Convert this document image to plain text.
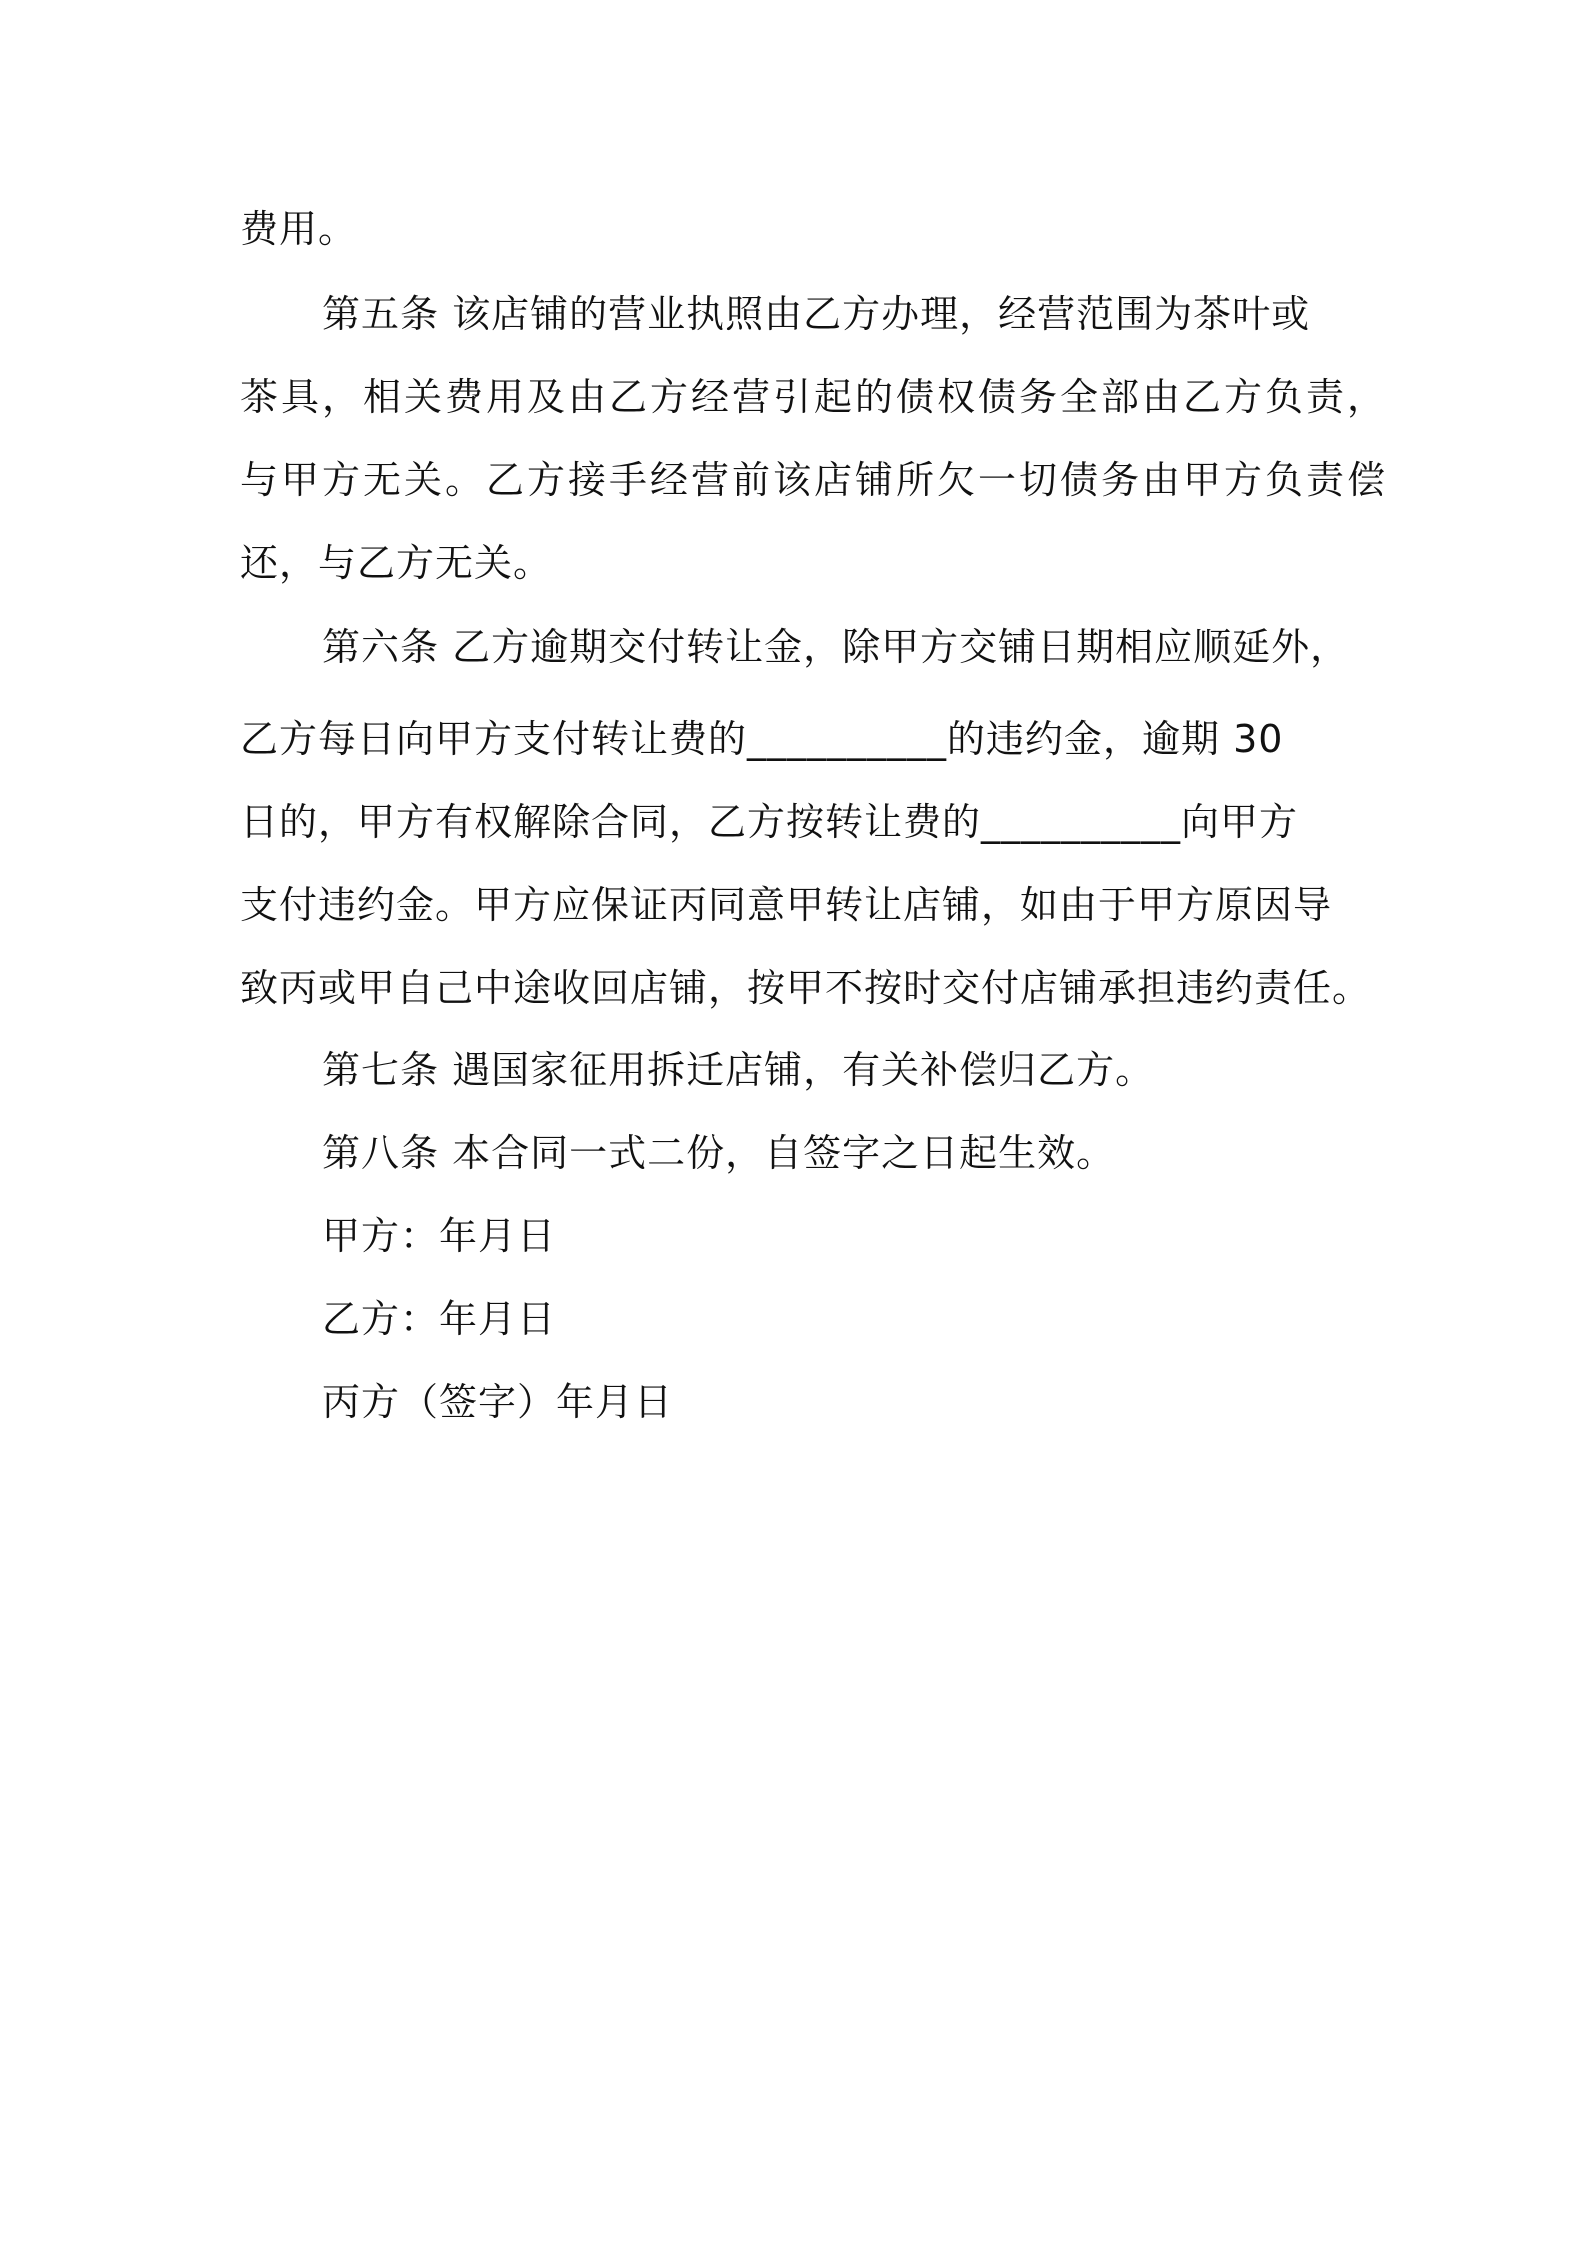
费用。
第五条 该店铺的营业执照由乙方办理，经营范围为茶叶或
茶具，相关费用及由乙方经营引起的债权债务全部由乙方负责，
与甲方无关。乙方接手经营前该店铺所欠一切债务由甲方负责偿
还，与乙方无关。
第六条 乙方逾期交付转让金，除甲方交铺日期相应顺延外，
乙方每日向甲方支付转让费的__________的违约金，逾期 30
日的，甲方有权解除合同，乙方按转让费的__________向甲方
支付违约金。甲方应保证丙同意甲转让店铺，如由于甲方原因导
致丙或甲自己中途收回店铺，按甲不按时交付店铺承担违约责任。
第七条 遇国家征用拆迁店铺，有关补偿归乙方。
第八条 本合同一式二份，自签字之日起生效。
甲方：年月日
乙方：年月日
丙方（签字）年月日
